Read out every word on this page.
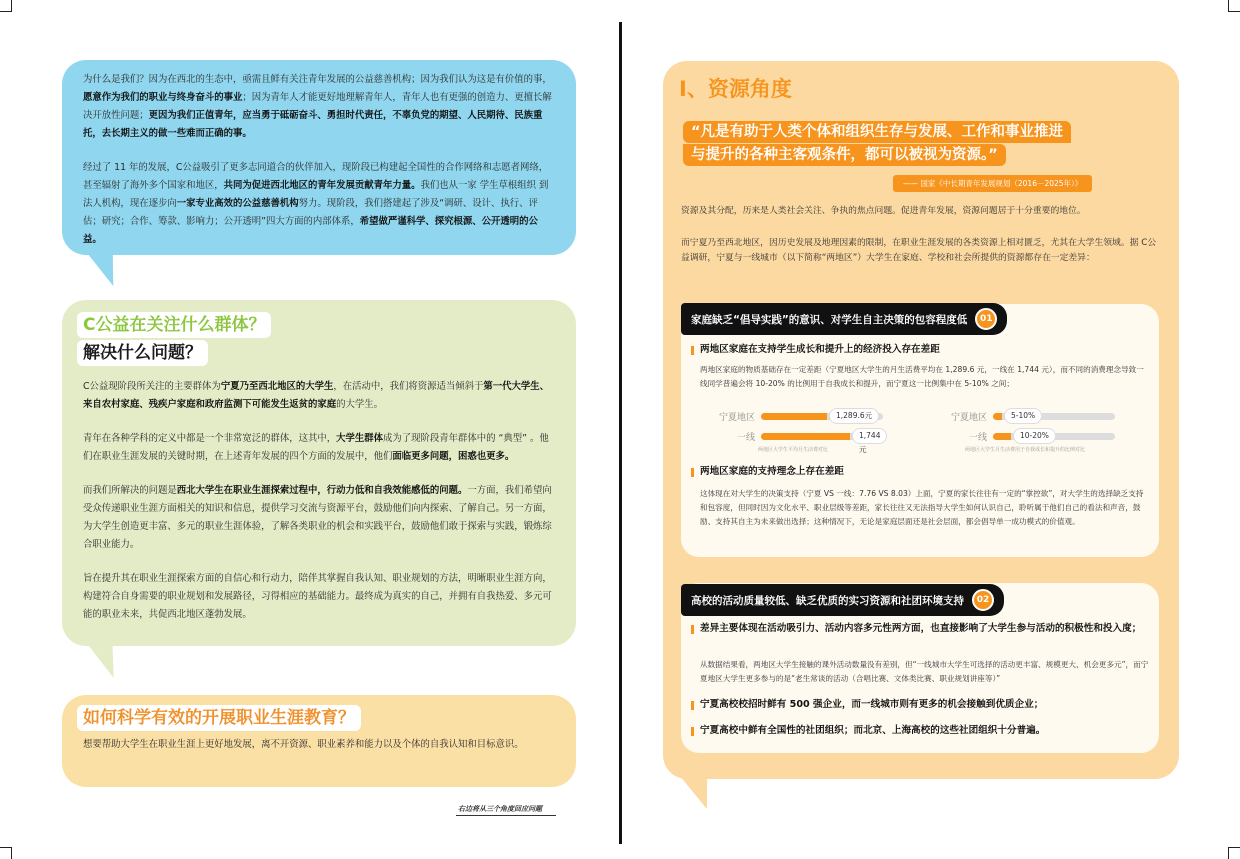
为什么是我们？因为在西北的生态中，亟需且鲜有关注青年发展的公益慈善机构；因为我们认为这是有价值的事，愿意作为我们的职业与终身奋斗的事业；因为青年人才能更好地理解青年人，青年人也有更强的创造力、更擅长解决开放性问题；更因为我们正值青年，应当勇于砥砺奋斗、勇担时代责任，不辜负党的期望、人民期待、民族重托，去长期主义的做一些难而正确的事。

经过了 11 年的发展，C公益吸引了更多志同道合的伙伴加入，现阶段已构建起全国性的合作网络和志愿者网络，甚至辐射了海外多个国家和地区，共同为促进西北地区的青年发展贡献青年力量。我们也从一家 学生草根组织 到 法人机构，现在逐步向一家专业高效的公益慈善机构努力。现阶段，我们搭建起了涉及“调研、设计、执行、评估；研究；合作、筹款、影响力；公开透明”四大方面的内部体系，希望做严谨科学、探究根源、公开透明的公益。

C公益在关注什么群体？
解决什么问题？

C公益现阶段所关注的主要群体为宁夏乃至西北地区的大学生，在活动中，我们将资源适当倾斜于第一代大学生、来自农村家庭、残疾户家庭和政府监测下可能发生返贫的家庭的大学生。

青年在各种学科的定义中都是一个非常宽泛的群体，这其中，大学生群体成为了现阶段青年群体中的 “典型” 。他们在职业生涯发展的关键时期，在上述青年发展的四个方面的发展中，他们面临更多问题，困惑也更多。

而我们所解决的问题是西北大学生在职业生涯探索过程中，行动力低和自我效能感低的问题。一方面，我们希望向受众传递职业生涯方面相关的知识和信息，提供学习交流与资源平台，鼓励他们向内探索、了解自己。另一方面，为大学生创造更丰富、多元的职业生涯体验，了解各类职业的机会和实践平台，鼓励他们敢于探索与实践，锻炼综合职业能力。

旨在提升其在职业生涯探索方面的自信心和行动力，陪伴其掌握自我认知、职业规划的方法，明晰职业生涯方向，构建符合自身需要的职业规划和发展路径，习得相应的基础能力。最终成为真实的自己，并拥有自我热爱、多元可能的职业未来，共促西北地区蓬勃发展。

如何科学有效的开展职业生涯教育？

想要帮助大学生在职业生涯上更好地发展，离不开资源、职业素养和能力以及个体的自我认知和目标意识。

右边将从三个角度回应问题
Ⅰ、资源角度
“凡是有助于人类个体和组织生存与发展、工作和事业推进
与提升的各种主客观条件，都可以被视为资源。”
—— 国家《中长期青年发展规划（2016－2025年）》

资源及其分配，历来是人类社会关注、争执的焦点问题。促进青年发展，资源问题居于十分重要的地位。

而宁夏乃至西北地区，因历史发展及地理因素的限制，在职业生涯发展的各类资源上相对匮乏，尤其在大学生领域。据 C公益调研，宁夏与一线城市（以下简称“两地区”）大学生在家庭、学校和社会所提供的资源都存在一定差异：

家庭缺乏“倡导实践”的意识、对学生自主决策的包容程度低	01
两地区家庭在支持学生成长和提升上的经济投入存在差距

两地区家庭的物质基础存在一定差距（宁夏地区大学生的月生活费平均在 1,289.6 元，一线在 1,744 元），而不同的消费理念导致一线同学普遍会将 10-20% 的比例用于自我成长和提升，而宁夏这一比例集中在 5-10% 之间；

宁夏地区	1,289.6元
一线	1,744元
两地区大学生平均月生活费对比
宁夏地区	5-10%
一线	10-20%
两地区大学生月生活费用于自我成长和提升的比例对比
两地区家庭的支持理念上存在差距

这体现在对大学生的决策支持（宁夏 VS 一线：7.76 VS 8.03）上面，宁夏的家长往往有一定的“掌控欲”，对大学生的选择缺乏支持和包容度，但同时因为文化水平、职业层级等差距，家长往往又无法指导大学生如何认识自己，聆听属于他们自己的看法和声音，鼓励、支持其自主为未来做出选择；这种情况下，无论是家庭层面还是社会层面，都会倡导单一成功模式的价值观。

高校的活动质量较低、缺乏优质的实习资源和社团环境支持	02
差异主要体现在活动吸引力、活动内容多元性两方面，也直接影响了大学生参与活动的积极性和投入度；

从数据结果看，两地区大学生接触的课外活动数量没有差别，但“一线城市大学生可选择的活动更丰富、规模更大、机会更多元”，而宁夏地区大学生更多参与的是“老生常谈的活动（合唱比赛、文体类比赛、职业规划讲座等）”

宁夏高校校招时鲜有 500 强企业，而一线城市则有更多的机会接触到优质企业；
宁夏高校中鲜有全国性的社团组织；而北京、上海高校的这些社团组织十分普遍。
